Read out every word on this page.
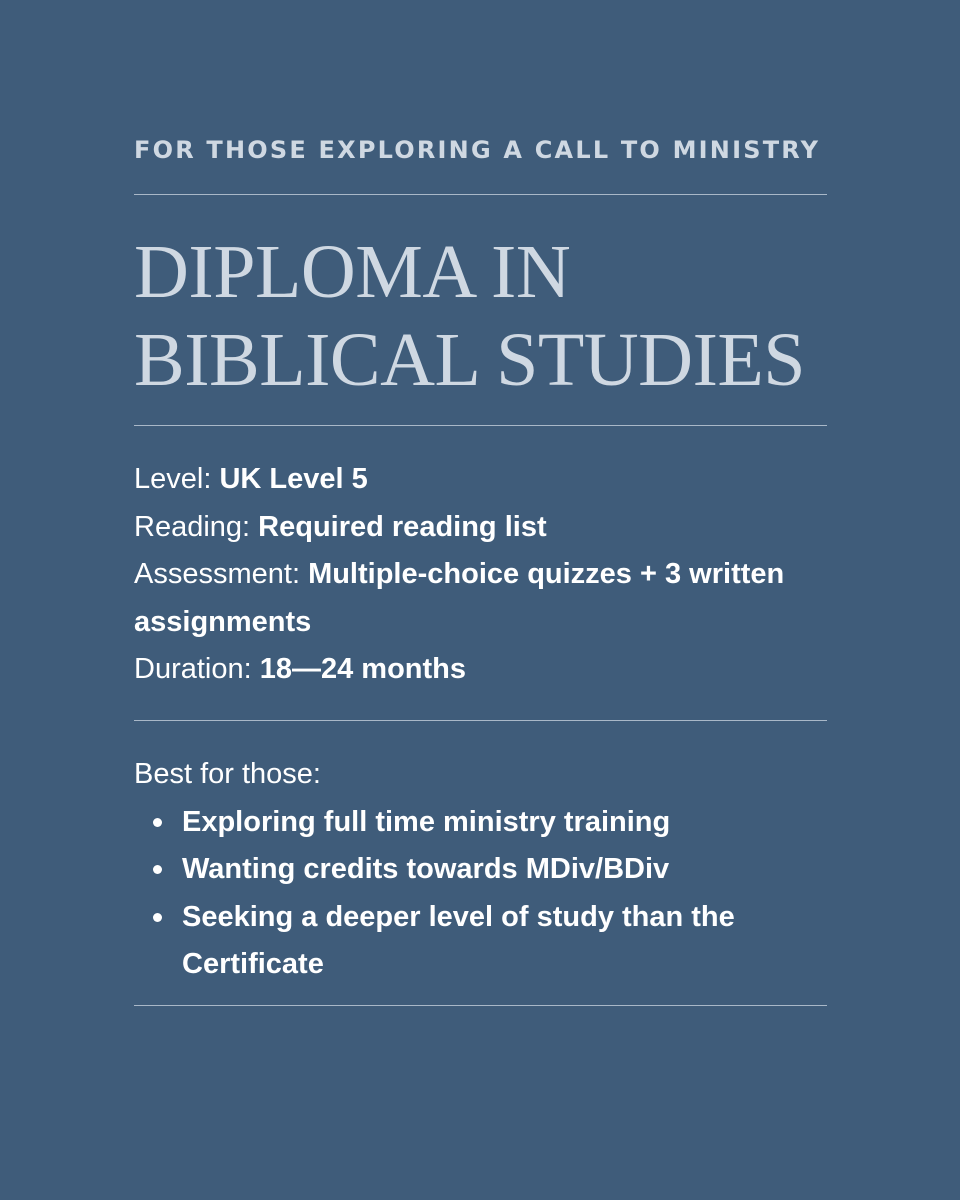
FOR THOSE EXPLORING A CALL TO MINISTRY
DIPLOMA IN
BIBLICAL STUDIES
Level: UK Level 5
Reading: Required reading list
Assessment: Multiple-choice quizzes + 3 written assignments
Duration: 18—24 months
Best for those:
Exploring full time ministry training
Wanting credits towards MDiv/BDiv
Seeking a deeper level of study than the Certificate
